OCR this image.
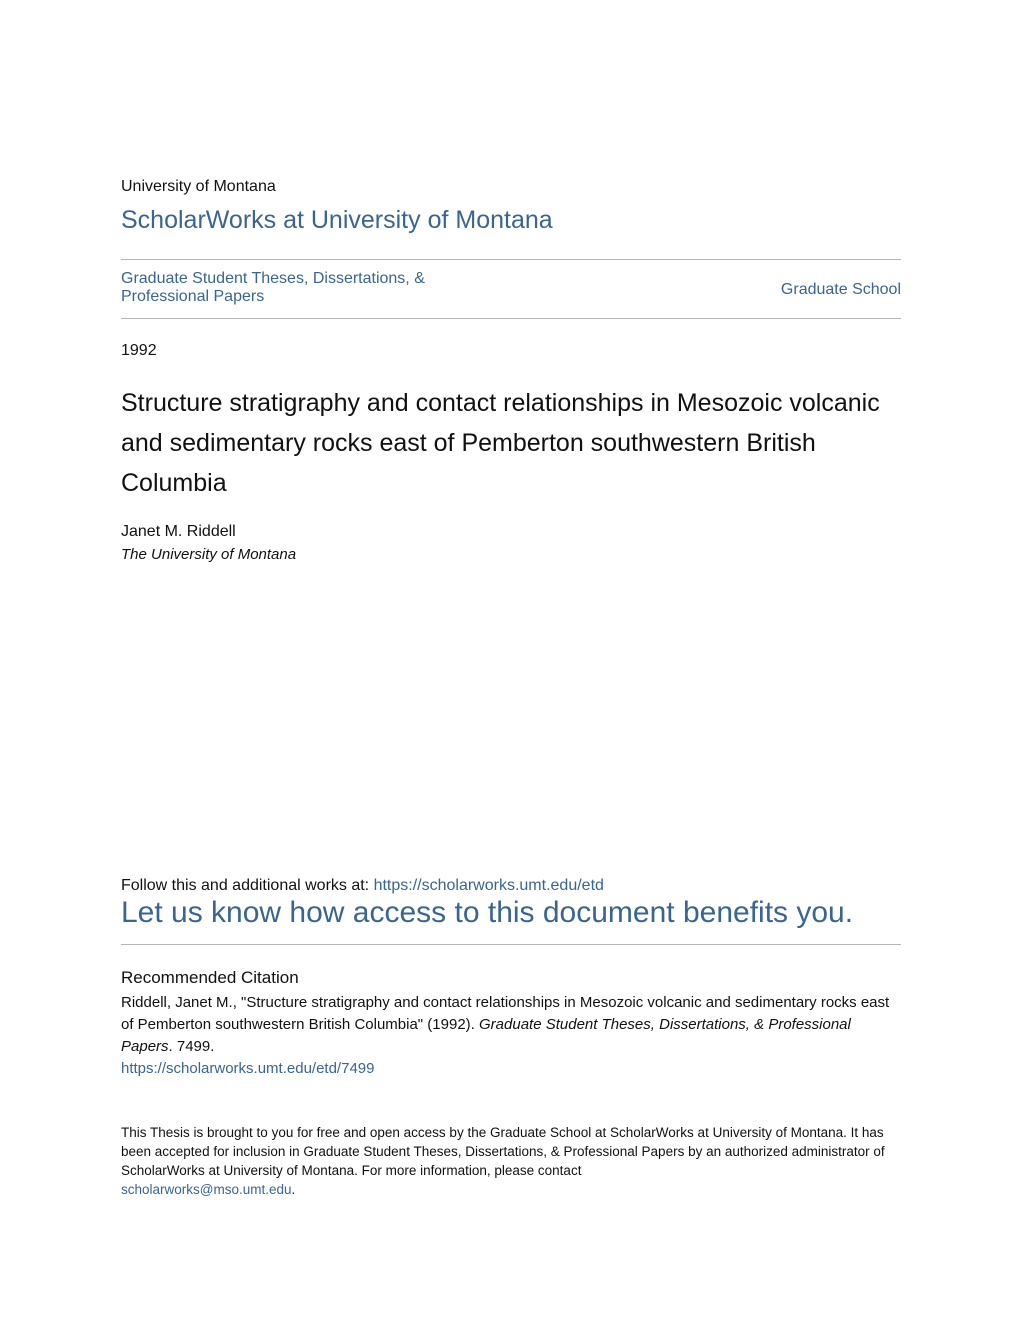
University of Montana
ScholarWorks at University of Montana
Graduate Student Theses, Dissertations, & Professional Papers	Graduate School
1992
Structure stratigraphy and contact relationships in Mesozoic volcanic and sedimentary rocks east of Pemberton southwestern British Columbia
Janet M. Riddell
The University of Montana
Follow this and additional works at: https://scholarworks.umt.edu/etd
Let us know how access to this document benefits you.
Recommended Citation
Riddell, Janet M., "Structure stratigraphy and contact relationships in Mesozoic volcanic and sedimentary rocks east of Pemberton southwestern British Columbia" (1992). Graduate Student Theses, Dissertations, & Professional Papers. 7499.
https://scholarworks.umt.edu/etd/7499
This Thesis is brought to you for free and open access by the Graduate School at ScholarWorks at University of Montana. It has been accepted for inclusion in Graduate Student Theses, Dissertations, & Professional Papers by an authorized administrator of ScholarWorks at University of Montana. For more information, please contact
scholarworks@mso.umt.edu.
